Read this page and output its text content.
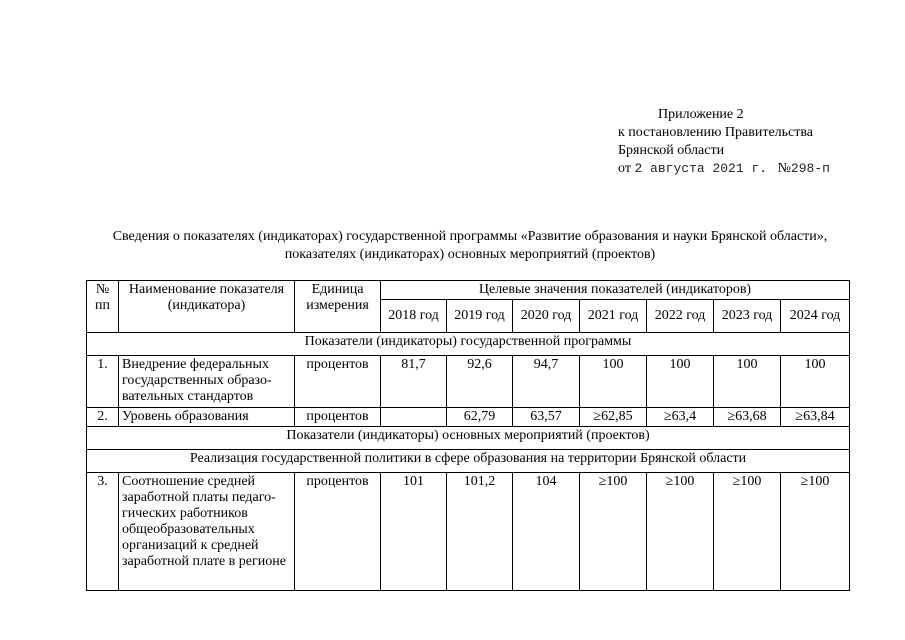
Приложение 2
к постановлению Правительства
Брянской области
от 2 августа 2021 г. №298-п
Сведения о показателях (индикаторах) государственной программы «Развитие образования и науки Брянской области», показателях (индикаторах) основных мероприятий (проектов)
№ пп	Наименование показателя (индикатора)	Единица измерения	Целевые значения показателей (индикаторов)						
			2018 год	2019 год	2020 год	2021 год	2022 год	2023 год	2024 год
Показатели (индикаторы) государственной программы									
1.	Внедрение федеральных государственных образо-вательных стандартов	процентов	81,7	92,6	94,7	100	100	100	100
2.	Уровень образования	процентов		62,79	63,57	≥62,85	≥63,4	≥63,68	≥63,84
Показатели (индикаторы) основных мероприятий (проектов)									
Реализация государственной политики в сфере образования на территории Брянской области									
3.	Соотношение средней заработной платы педаго-гических работников общеобразовательных организаций к средней заработной плате в регионе	процентов	101	101,2	104	≥100	≥100	≥100	≥100
